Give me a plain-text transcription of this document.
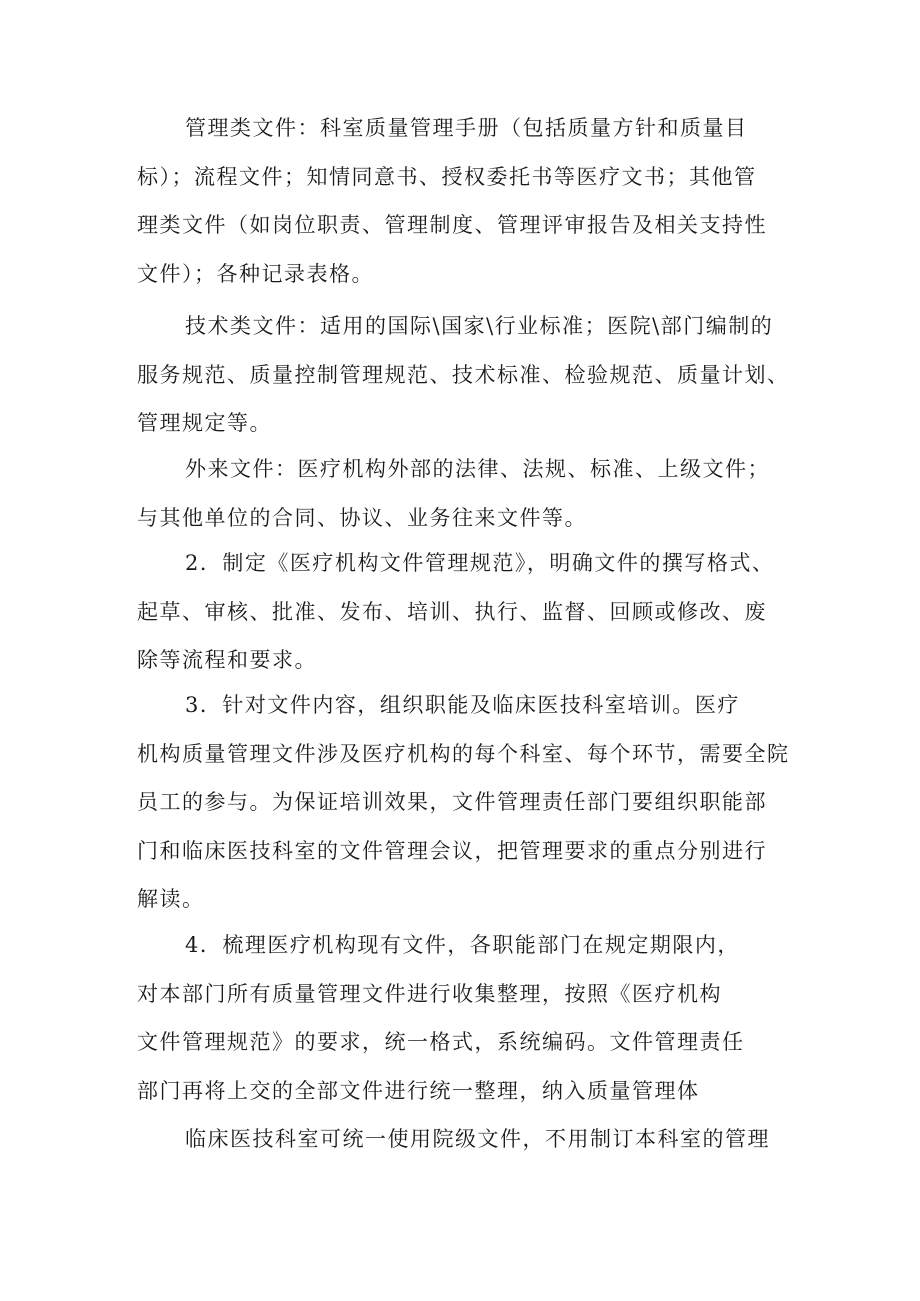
管理类文件：科室质量管理手册（包括质量方针和质量目
标）；流程文件；知情同意书、授权委托书等医疗文书；其他管
理类文件（如岗位职责、管理制度、管理评审报告及相关支持性
文件）；各种记录表格。
技术类文件：适用的国际\国家\行业标准；医院\部门编制的
服务规范、质量控制管理规范、技术标准、检验规范、质量计划、
管理规定等。
外来文件：医疗机构外部的法律、法规、标准、上级文件；
与其他单位的合同、协议、业务往来文件等。
2．制定《医疗机构文件管理规范》，明确文件的撰写格式、
起草、审核、批准、发布、培训、执行、监督、回顾或修改、废
除等流程和要求。
3．针对文件内容，组织职能及临床医技科室培训。医疗
机构质量管理文件涉及医疗机构的每个科室、每个环节，需要全院
员工的参与。为保证培训效果，文件管理责任部门要组织职能部
门和临床医技科室的文件管理会议，把管理要求的重点分别进行
解读。
4．梳理医疗机构现有文件，各职能部门在规定期限内，
对本部门所有质量管理文件进行收集整理，按照《医疗机构
文件管理规范》的要求，统一格式，系统编码。文件管理责任
部门再将上交的全部文件进行统一整理，纳入质量管理体
临床医技科室可统一使用院级文件，不用制订本科室的管理
